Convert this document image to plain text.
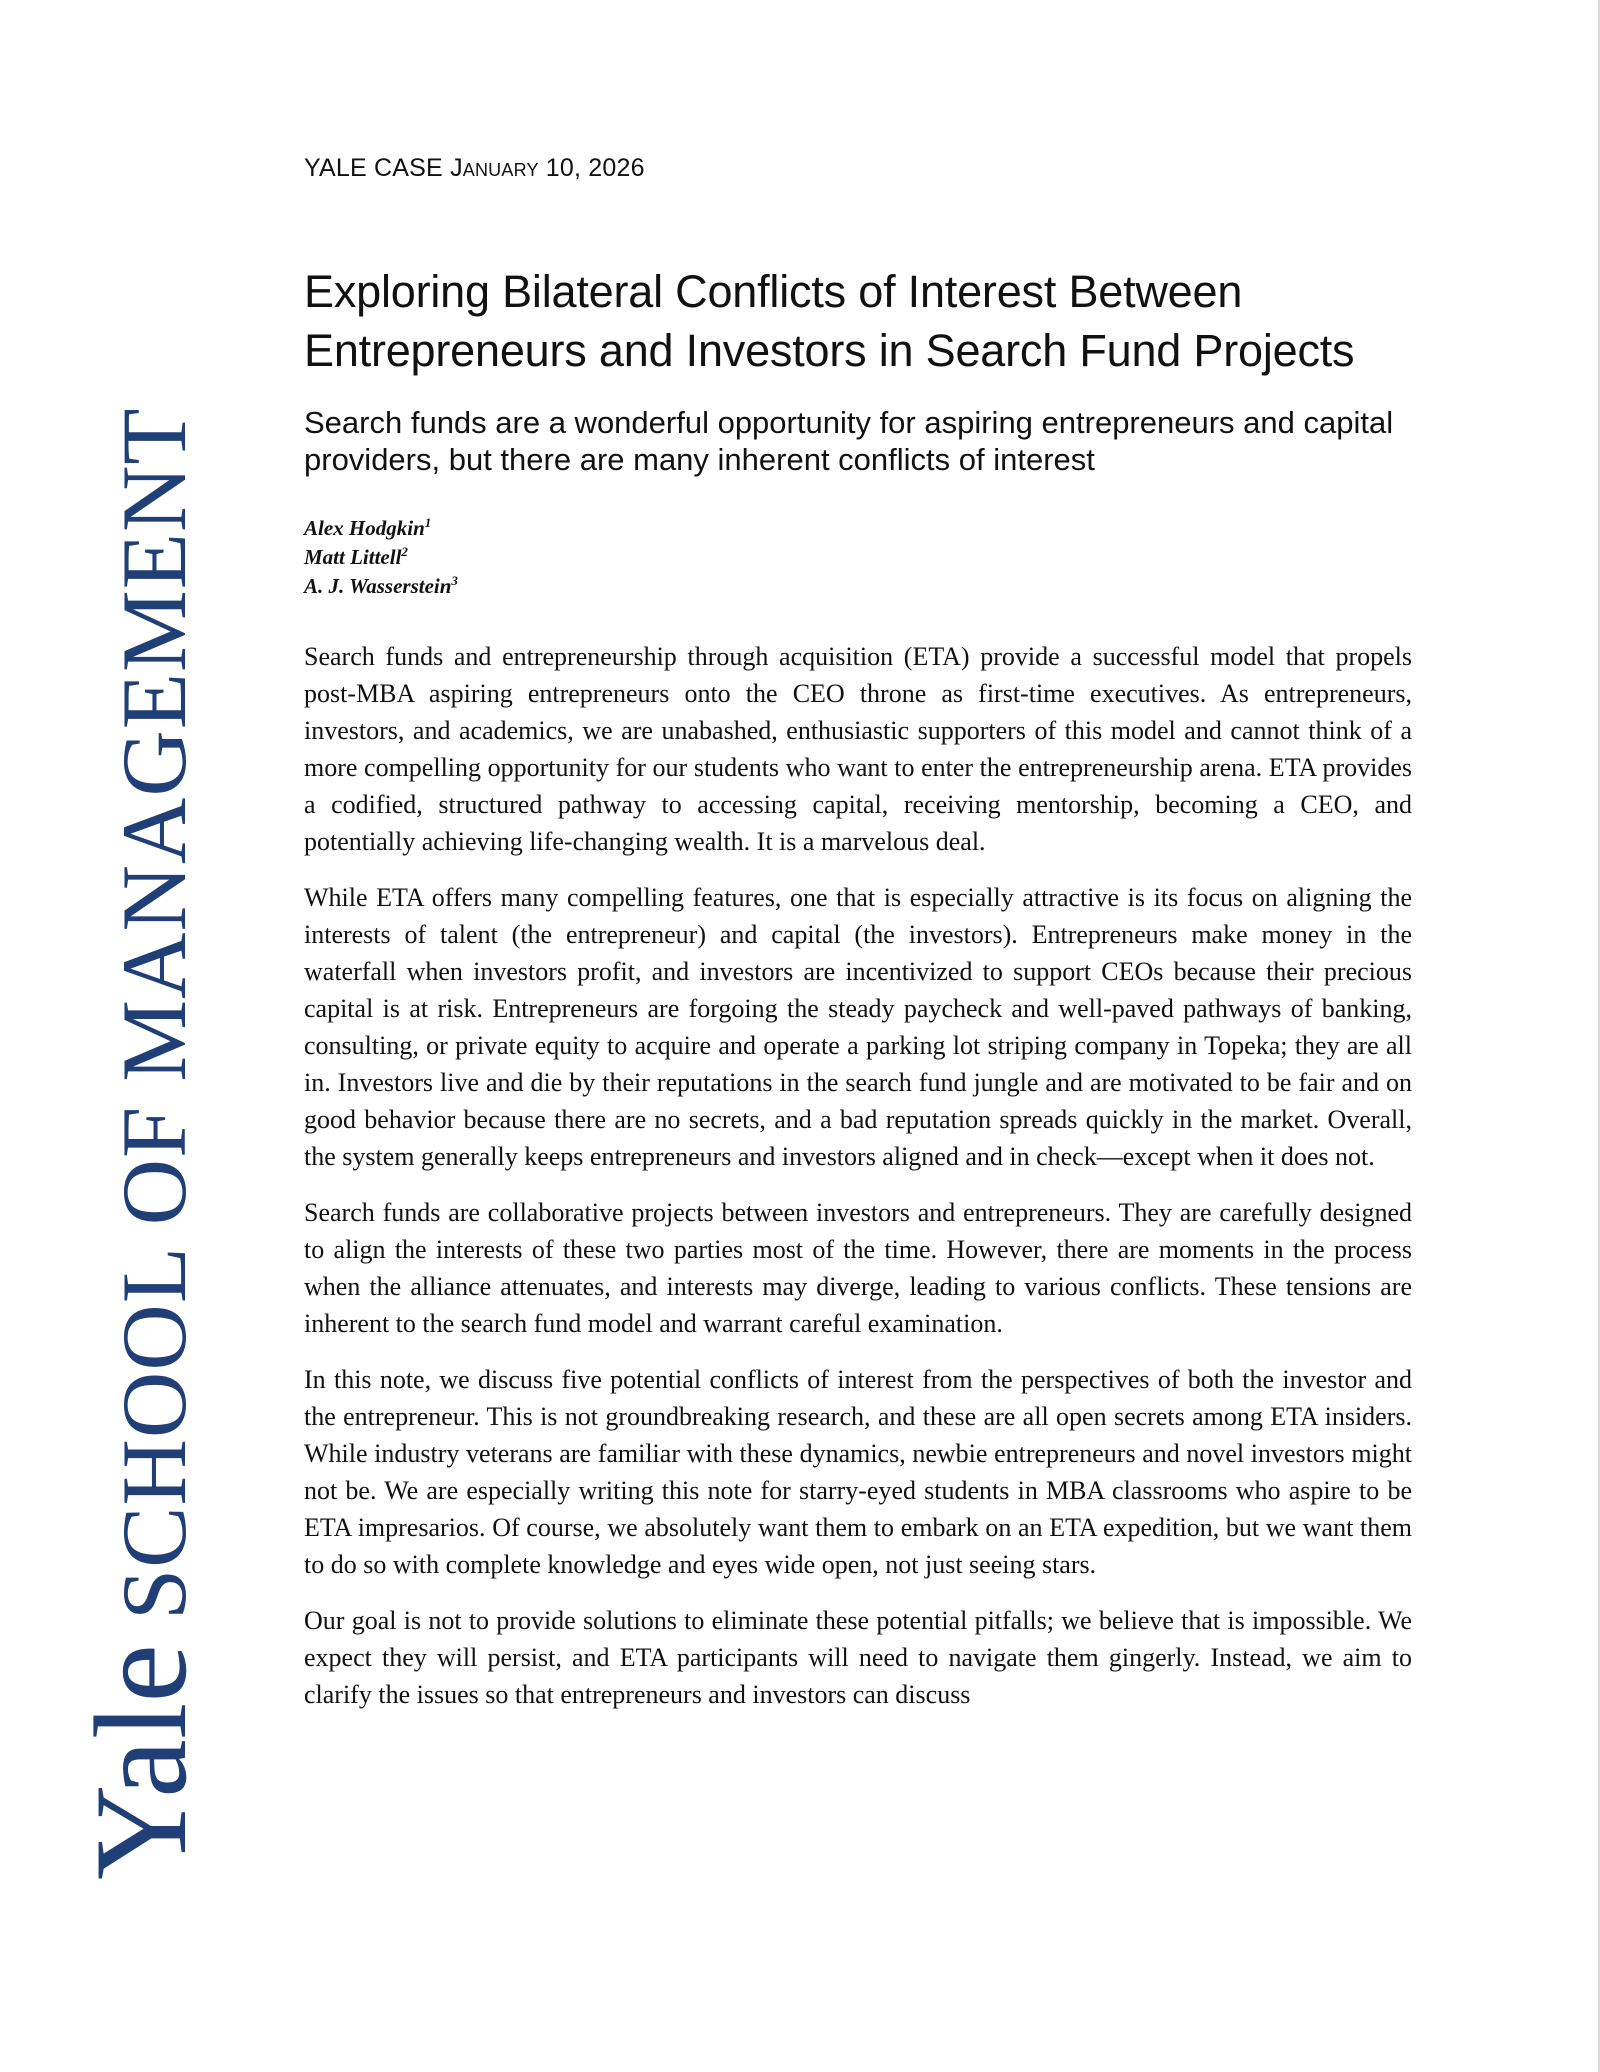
Yale SCHOOL OF MANAGEMENT
YALE CASE January 10, 2026
Exploring Bilateral Conflicts of Interest Between Entrepreneurs and Investors in Search Fund Projects
Search funds are a wonderful opportunity for aspiring entrepreneurs and capital providers, but there are many inherent conflicts of interest
Alex Hodgkin$^1$
Matt Littell$^2$
A. J. Wasserstein$^3$

Search funds and entrepreneurship through acquisition (ETA) provide a successful model that propels post-MBA aspiring entrepreneurs onto the CEO throne as first-time executives. As entrepreneurs, investors, and academics, we are unabashed, enthusiastic supporters of this model and cannot think of a more compelling opportunity for our students who want to enter the entrepreneurship arena. ETA provides a codified, structured pathway to accessing capital, receiving mentorship, becoming a CEO, and potentially achieving life-changing wealth. It is a marvelous deal.

While ETA offers many compelling features, one that is especially attractive is its focus on aligning the interests of talent (the entrepreneur) and capital (the investors). Entrepreneurs make money in the waterfall when investors profit, and investors are incentivized to support CEOs because their precious capital is at risk. Entrepreneurs are forgoing the steady paycheck and well-paved pathways of banking, consulting, or private equity to acquire and operate a parking lot striping company in Topeka; they are all in. Investors live and die by their reputations in the search fund jungle and are motivated to be fair and on good behavior because there are no secrets, and a bad reputation spreads quickly in the market. Overall, the system generally keeps entrepreneurs and investors aligned and in check—except when it does not.

Search funds are collaborative projects between investors and entrepreneurs. They are carefully designed to align the interests of these two parties most of the time. However, there are moments in the process when the alliance attenuates, and interests may diverge, leading to various conflicts. These tensions are inherent to the search fund model and warrant careful examination.

In this note, we discuss five potential conflicts of interest from the perspectives of both the investor and the entrepreneur. This is not groundbreaking research, and these are all open secrets among ETA insiders. While industry veterans are familiar with these dynamics, newbie entrepreneurs and novel investors might not be. We are especially writing this note for starry-eyed students in MBA classrooms who aspire to be ETA impresarios. Of course, we absolutely want them to embark on an ETA expedition, but we want them to do so with complete knowledge and eyes wide open, not just seeing stars.

Our goal is not to provide solutions to eliminate these potential pitfalls; we believe that is impossible. We expect they will persist, and ETA participants will need to navigate them gingerly. Instead, we aim to clarify the issues so that entrepreneurs and investors can discuss
